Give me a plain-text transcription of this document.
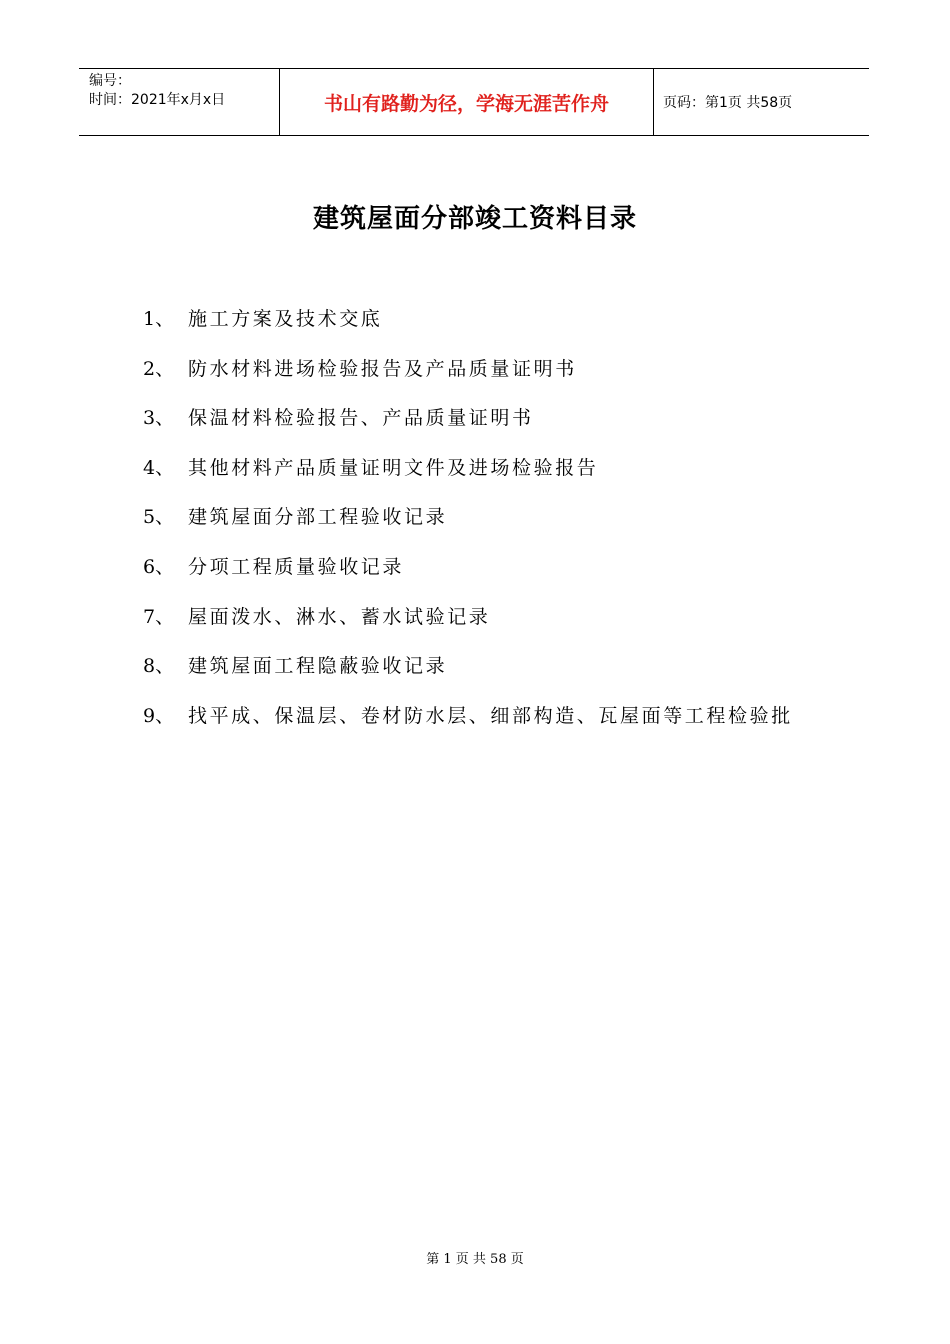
编号：
时间：2021年x月x日	书山有路勤为径，学海无涯苦作舟	页码：第1页 共58页
建筑屋面分部竣工资料目录
1、 施工方案及技术交底
2、 防水材料进场检验报告及产品质量证明书
3、 保温材料检验报告、产品质量证明书
4、 其他材料产品质量证明文件及进场检验报告
5、 建筑屋面分部工程验收记录
6、 分项工程质量验收记录
7、 屋面泼水、淋水、蓄水试验记录
8、 建筑屋面工程隐蔽验收记录
9、 找平成、保温层、卷材防水层、细部构造、瓦屋面等工程检验批
第 1 页 共 58 页
